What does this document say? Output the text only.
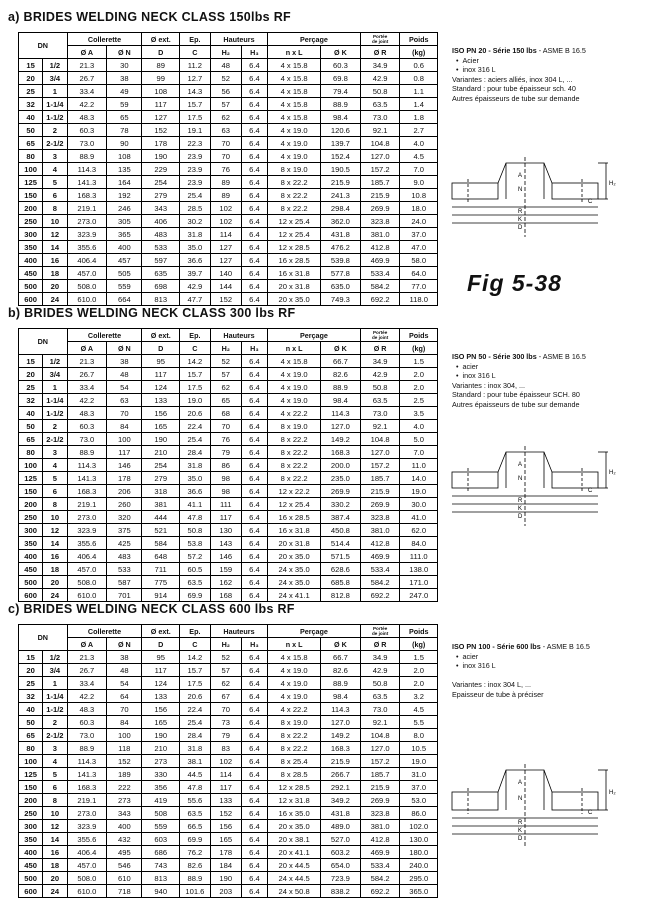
a) BRIDES WELDING NECK CLASS 150lbs RF
DN		Collerette		Ø ext.	Ep.	Hauteurs		Perçage		Portée
de joint	Poids
		Ø A	Ø N	D	C	H₂	H₃	n x L	Ø K	Ø R	(kg)
15	1/2	21.3	30	89	11.2	48	6.4	4 x 15.8	60.3	34.9	0.6
20	3/4	26.7	38	99	12.7	52	6.4	4 x 15.8	69.8	42.9	0.8
25	1	33.4	49	108	14.3	56	6.4	4 x 15.8	79.4	50.8	1.1
32	1-1/4	42.2	59	117	15.7	57	6.4	4 x 15.8	88.9	63.5	1.4
40	1-1/2	48.3	65	127	17.5	62	6.4	4 x 15.8	98.4	73.0	1.8
50	2	60.3	78	152	19.1	63	6.4	4 x 19.0	120.6	92.1	2.7
65	2-1/2	73.0	90	178	22.3	70	6.4	4 x 19.0	139.7	104.8	4.0
80	3	88.9	108	190	23.9	70	6.4	4 x 19.0	152.4	127.0	4.5
100	4	114.3	135	229	23.9	76	6.4	8 x 19.0	190.5	157.2	7.0
125	5	141.3	164	254	23.9	89	6.4	8 x 22.2	215.9	185.7	9.0
150	6	168.3	192	279	25.4	89	6.4	8 x 22.2	241.3	215.9	10.8
200	8	219.1	246	343	28.5	102	6.4	8 x 22.2	298.4	269.9	18.0
250	10	273.0	305	406	30.2	102	6.4	12 x 25.4	362.0	323.8	24.0
300	12	323.9	365	483	31.8	114	6.4	12 x 25.4	431.8	381.0	37.0
350	14	355.6	400	533	35.0	127	6.4	12 x 28.5	476.2	412.8	47.0
400	16	406.4	457	597	36.6	127	6.4	16 x 28.5	539.8	469.9	58.0
450	18	457.0	505	635	39.7	140	6.4	16 x 31.8	577.8	533.4	64.0
500	20	508.0	559	698	42.9	144	6.4	20 x 31.8	635.0	584.2	77.0
600	24	610.0	664	813	47.7	152	6.4	20 x 35.0	749.3	692.2	118.0
ISO PN 20 - Série 150 lbs - ASME B 16.5
•  Acier
•  inox 316 L
Variantes : aciers alliés, inox 304 L, ...
Standard : pour tube épaisseur sch. 40
Autres épaisseurs de tube sur demande
A
N
H₂
C
R
K
D
Fig 5-38
b) BRIDES WELDING NECK CLASS 300 lbs RF
DN		Collerette		Ø ext.	Ep.	Hauteurs		Perçage		Portée
de joint	Poids
		Ø A	Ø N	D	C	H₂	H₃	n x L	Ø K	Ø R	(kg)
15	1/2	21.3	38	95	14.2	52	6.4	4 x 15.8	66.7	34.9	1.5
20	3/4	26.7	48	117	15.7	57	6.4	4 x 19.0	82.6	42.9	2.0
25	1	33.4	54	124	17.5	62	6.4	4 x 19.0	88.9	50.8	2.0
32	1-1/4	42.2	63	133	19.0	65	6.4	4 x 19.0	98.4	63.5	2.5
40	1-1/2	48.3	70	156	20.6	68	6.4	4 x 22.2	114.3	73.0	3.5
50	2	60.3	84	165	22.4	70	6.4	8 x 19.0	127.0	92.1	4.0
65	2-1/2	73.0	100	190	25.4	76	6.4	8 x 22.2	149.2	104.8	5.0
80	3	88.9	117	210	28.4	79	6.4	8 x 22.2	168.3	127.0	7.0
100	4	114.3	146	254	31.8	86	6.4	8 x 22.2	200.0	157.2	11.0
125	5	141.3	178	279	35.0	98	6.4	8 x 22.2	235.0	185.7	14.0
150	6	168.3	206	318	36.6	98	6.4	12 x 22.2	269.9	215.9	19.0
200	8	219.1	260	381	41.1	111	6.4	12 x 25.4	330.2	269.9	30.0
250	10	273.0	320	444	47.8	117	6.4	16 x 28.5	387.4	323.8	41.0
300	12	323.9	375	521	50.8	130	6.4	16 x 31.8	450.8	381.0	62.0
350	14	355.6	425	584	53.8	143	6.4	20 x 31.8	514.4	412.8	84.0
400	16	406.4	483	648	57.2	146	6.4	20 x 35.0	571.5	469.9	111.0
450	18	457.0	533	711	60.5	159	6.4	24 x 35.0	628.6	533.4	138.0
500	20	508.0	587	775	63.5	162	6.4	24 x 35.0	685.8	584.2	171.0
600	24	610.0	701	914	69.9	168	6.4	24 x 41.1	812.8	692.2	247.0
ISO PN 50 - Série 300 lbs - ASME B 16.5
•  acier
•  inox 316 L
Variantes : inox 304, ...
Standard : pour tube épaisseur SCH. 80
Autres épaisseurs de tube sur demande
A
N
H₂
C
R
K
D
c) BRIDES WELDING NECK CLASS 600 lbs RF
DN		Collerette		Ø ext.	Ep.	Hauteurs		Perçage		Portée
de joint	Poids
		Ø A	Ø N	D	C	H₂	H₃	n x L	Ø K	Ø R	(kg)
15	1/2	21.3	38	95	14.2	52	6.4	4 x 15.8	66.7	34.9	1.5
20	3/4	26.7	48	117	15.7	57	6.4	4 x 19.0	82.6	42.9	2.0
25	1	33.4	54	124	17.5	62	6.4	4 x 19.0	88.9	50.8	2.0
32	1-1/4	42.2	64	133	20.6	67	6.4	4 x 19.0	98.4	63.5	3.2
40	1-1/2	48.3	70	156	22.4	70	6.4	4 x 22.2	114.3	73.0	4.5
50	2	60.3	84	165	25.4	73	6.4	8 x 19.0	127.0	92.1	5.5
65	2-1/2	73.0	100	190	28.4	79	6.4	8 x 22.2	149.2	104.8	8.0
80	3	88.9	118	210	31.8	83	6.4	8 x 22.2	168.3	127.0	10.5
100	4	114.3	152	273	38.1	102	6.4	8 x 25.4	215.9	157.2	19.0
125	5	141.3	189	330	44.5	114	6.4	8 x 28.5	266.7	185.7	31.0
150	6	168.3	222	356	47.8	117	6.4	12 x 28.5	292.1	215.9	37.0
200	8	219.1	273	419	55.6	133	6.4	12 x 31.8	349.2	269.9	53.0
250	10	273.0	343	508	63.5	152	6.4	16 x 35.0	431.8	323.8	86.0
300	12	323.9	400	559	66.5	156	6.4	20 x 35.0	489.0	381.0	102.0
350	14	355.6	432	603	69.9	165	6.4	20 x 38.1	527.0	412.8	130.0
400	16	406.4	495	686	76.2	178	6.4	20 x 41.1	603.2	469.9	180.0
450	18	457.0	546	743	82.6	184	6.4	20 x 44.5	654.0	533.4	240.0
500	20	508.0	610	813	88.9	190	6.4	24 x 44.5	723.9	584.2	295.0
600	24	610.0	718	940	101.6	203	6.4	24 x 50.8	838.2	692.2	365.0
ISO PN 100 - Série 600 lbs - ASME B 16.5
•  acier
•  inox 316 L

Variantes : inox 304 L, ...
Epaisseur de tube à préciser
A
N
H₂
C
R
K
D
